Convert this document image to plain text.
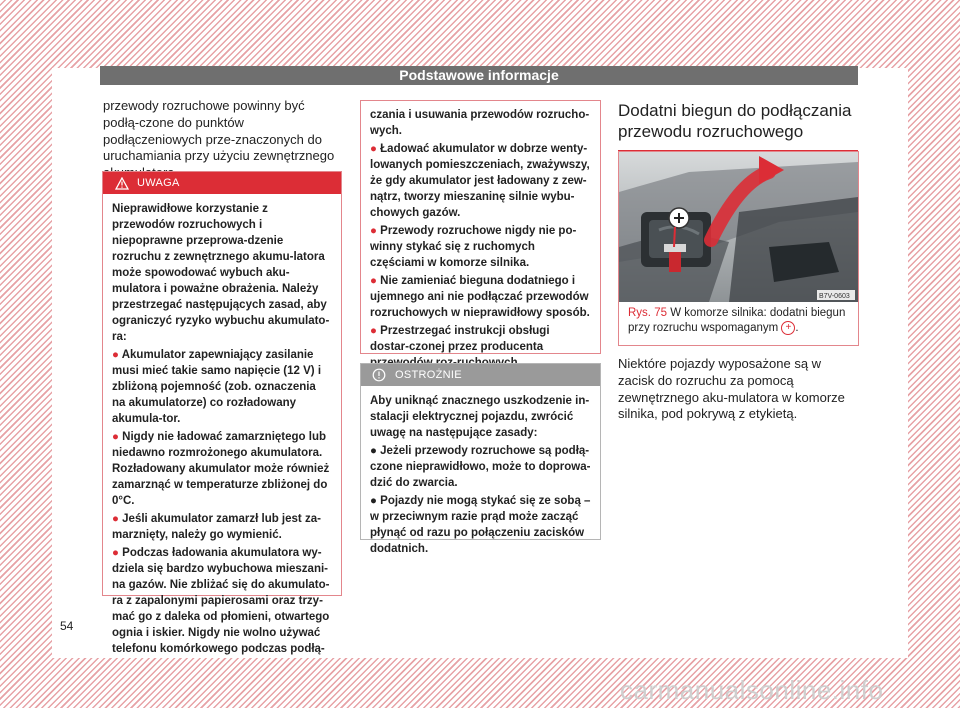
Podstawowe informacje
przewody rozruchowe powinny być podłą-czone do punktów podłączeniowych prze-znaczonych do uruchamiania przy użyciu zewnętrznego
UWAGA

Nieprawidłowe korzystanie z przewodów rozruchowych i niepoprawne przeprowa-dzenie rozruchu z zewnętrznego akumu-latora może spowodować wybuch aku-mulatora i poważne obrażenia. Należy przestrzegać następujących zasad, aby ograniczyć ryzyko wybuchu akumulato-ra:

● Akumulator zapewniający zasilanie musi mieć takie samo napięcie (12 V) i zbliżoną pojemność (zob. oznaczenia na akumulatorze) co rozładowany akumula-tor.

● Nigdy nie ładować zamarzniętego lub niedawno rozmrożonego akumulatora. Rozładowany akumulator może również zamarznąć w temperaturze zbliżonej do 0°C.

● Jeśli akumulator zamarzł lub jest za-marznięty, należy go wymienić.

● Podczas ładowania akumulatora wy-dziela się bardzo wybuchowa mieszani-na gazów. Nie zbliżać się do akumulato-ra z zapalonymi papierosami oraz trzy-mać go z daleka od płomieni, otwartego ognia i iskier. Nigdy nie wolno używać telefonu komórkowego podczas podłą-

czania i usuwania przewodów rozrucho-wych.

● Ładować akumulator w dobrze wenty-lowanych pomieszczeniach, zważywszy, że gdy akumulator jest ładowany z zew-nątrz, tworzy mieszaninę silnie wybu-chowych gazów.

● Przewody rozruchowe nigdy nie po-winny stykać się z ruchomych częściami w komorze silnika.

● Nie zamieniać bieguna dodatniego i ujemnego ani nie podłączać przewodów rozruchowych w nieprawidłowy sposób.

● Przestrzegać instrukcji obsługi dostar-czonej przez producenta

OSTROŻNIE

Aby uniknąć znacznego uszkodzenie in-stalacji elektrycznej pojazdu, zwrócić uwagę na następujące zasady:

● Jeżeli przewody rozruchowe są podłą-czone nieprawidłowo, może to doprowa-dzić do zwarcia.

● Pojazdy nie mogą stykać się ze sobą – w przeciwnym razie prąd może zacząć płynąć od razu po połączeniu zacisków dodatnich.

Dodatni biegun do podłączania przewodu rozruchowego
B7V-0603
Rys. 75 W komorze silnika: dodatni biegun przy rozruchu wspomaganym + .
Niektóre pojazdy wyposażone są w zacisk do rozruchu za pomocą zewnętrznego aku-mulatora w komorze silnika, pod pokrywą z etykietą.
54
carmanualsonline.info
